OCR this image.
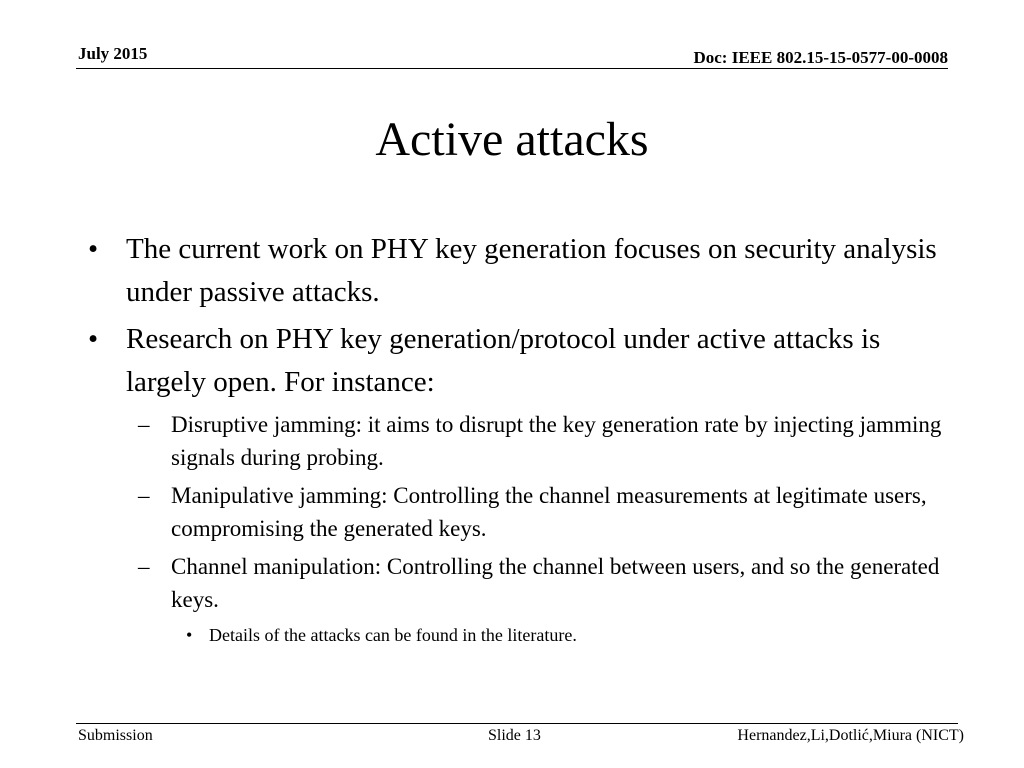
July 2015	Doc: IEEE 802.15-15-0577-00-0008
Active attacks
• The current work on PHY key generation focuses on security analysis under passive attacks.
• Research on PHY key generation/protocol under active attacks is largely open. For instance:
– Disruptive jamming: it aims to disrupt the key generation rate by injecting jamming signals during probing.
– Manipulative jamming: Controlling the channel measurements at legitimate users, compromising the generated keys.
– Channel manipulation: Controlling the channel between users, and so the generated keys.
• Details of the attacks can be found in the literature.
Submission	Slide 13	Hernandez,Li,Dotlić,Miura (NICT)
